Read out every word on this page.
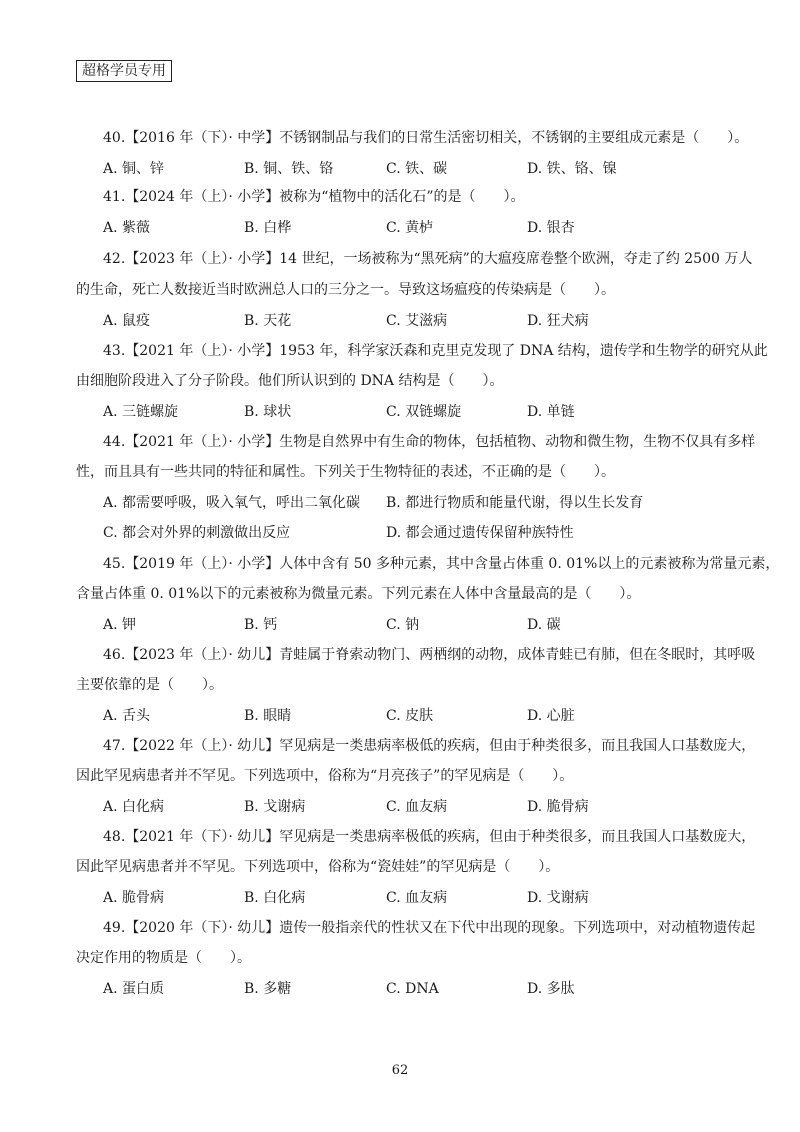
超格学员专用
40.【2016 年（下）· 中学】不锈钢制品与我们的日常生活密切相关，不锈钢的主要组成元素是（　　）。
A. 铜、锌	B. 铜、铁、铬	C. 铁、碳	D. 铁、铬、镍
41.【2024 年（上）· 小学】被称为“植物中的活化石”的是（　　）。
A. 紫薇	B. 白桦	C. 黄栌	D. 银杏
42.【2023 年（上）· 小学】14 世纪，一场被称为“黑死病”的大瘟疫席卷整个欧洲，夺走了约 2500 万人
的生命，死亡人数接近当时欧洲总人口的三分之一。导致这场瘟疫的传染病是（　　）。
A. 鼠疫	B. 天花	C. 艾滋病	D. 狂犬病
43.【2021 年（上）· 小学】1953 年，科学家沃森和克里克发现了 DNA 结构，遗传学和生物学的研究从此
由细胞阶段进入了分子阶段。他们所认识到的 DNA 结构是（　　）。
A. 三链螺旋	B. 球状	C. 双链螺旋	D. 单链
44.【2021 年（上）· 小学】生物是自然界中有生命的物体，包括植物、动物和微生物，生物不仅具有多样
性，而且具有一些共同的特征和属性。下列关于生物特征的表述，不正确的是（　　）。
A. 都需要呼吸，吸入氧气，呼出二氧化碳 B. 都进行物质和能量代谢，得以生长发育
C. 都会对外界的刺激做出反应	D. 都会通过遗传保留种族特性
45.【2019 年（上）· 小学】人体中含有 50 多种元素，其中含量占体重 0. 01%以上的元素被称为常量元素，
含量占体重 0. 01%以下的元素被称为微量元素。下列元素在人体中含量最高的是（　　）。
A. 钾	B. 钙	C. 钠	D. 碳
46.【2023 年（上）· 幼儿】青蛙属于脊索动物门、两栖纲的动物，成体青蛙已有肺，但在冬眠时，其呼吸
主要依靠的是（　　）。
A. 舌头	B. 眼睛	C. 皮肤	D. 心脏
47.【2022 年（上）· 幼儿】罕见病是一类患病率极低的疾病，但由于种类很多，而且我国人口基数庞大，
因此罕见病患者并不罕见。下列选项中，俗称为“月亮孩子”的罕见病是（　　）。
A. 白化病	B. 戈谢病	C. 血友病	D. 脆骨病
48.【2021 年（下）· 幼儿】罕见病是一类患病率极低的疾病，但由于种类很多，而且我国人口基数庞大，
因此罕见病患者并不罕见。下列选项中，俗称为“瓷娃娃”的罕见病是（　　）。
A. 脆骨病	B. 白化病	C. 血友病	D. 戈谢病
49.【2020 年（下）· 幼儿】遗传一般指亲代的性状又在下代中出现的现象。下列选项中，对动植物遗传起
决定作用的物质是（　　）。
A. 蛋白质	B. 多糖	C. DNA	D. 多肽
62
